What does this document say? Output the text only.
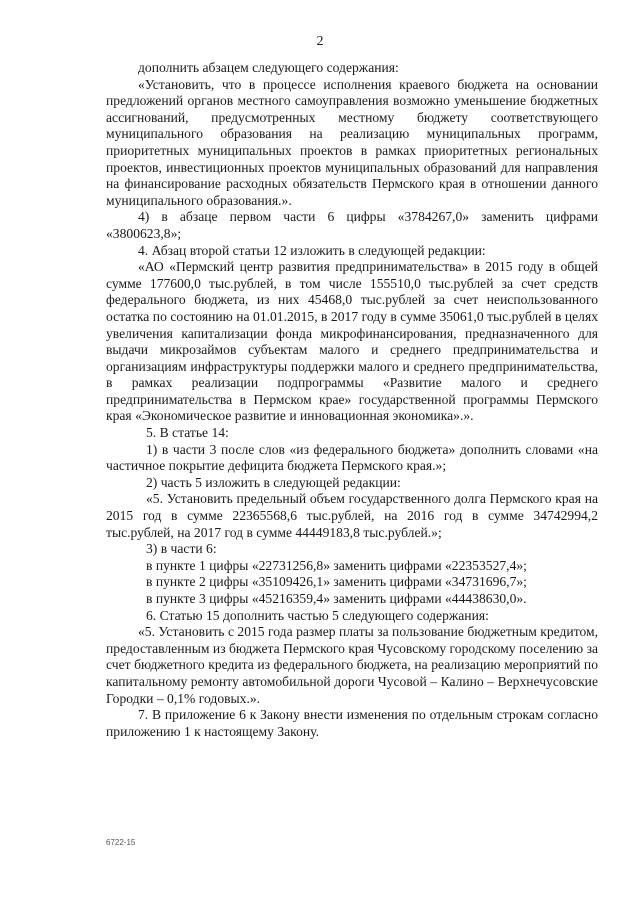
2

дополнить абзацем следующего содержания:

«Установить, что в процессе исполнения краевого бюджета на основании предложений органов местного самоуправления возможно уменьшение бюджетных ассигнований, предусмотренных местному бюджету соответствующего муниципального образования на реализацию муниципальных программ, приоритетных муниципальных проектов в рамках приоритетных региональных проектов, инвестиционных проектов муниципальных образований для направления на финансирование расходных обязательств Пермского края в отношении данного муниципального образования.».

4) в абзаце первом части 6 цифры «3784267,0» заменить цифрами «3800623,8»;

4. Абзац второй статьи 12 изложить в следующей редакции:

«АО «Пермский центр развития предпринимательства» в 2015 году в общей сумме 177600,0 тыс.рублей, в том числе 155510,0 тыс.рублей за счет средств федерального бюджета, из них 45468,0 тыс.рублей за счет неиспользованного остатка по состоянию на 01.01.2015, в 2017 году в сумме 35061,0 тыс.рублей в целях увеличения капитализации фонда микрофинансирования, предназначенного для выдачи микрозаймов субъектам малого и среднего предпринимательства и организациям инфраструктуры поддержки малого и среднего предпринимательства, в рамках реализации подпрограммы «Развитие малого и среднего предпринимательства в Пермском крае» государственной программы Пермского края «Экономическое развитие и инновационная экономика».».

5. В статье 14:

1) в части 3 после слов «из федерального бюджета» дополнить словами «на частичное покрытие дефицита бюджета Пермского края.»;

2) часть 5 изложить в следующей редакции:

«5. Установить предельный объем государственного долга Пермского края на 2015 год в сумме 22365568,6 тыс.рублей, на 2016 год в сумме 34742994,2 тыс.рублей, на 2017 год в сумме 44449183,8 тыс.рублей.»;

3) в части 6:

в пункте 1 цифры «22731256,8» заменить цифрами «22353527,4»;

в пункте 2 цифры «35109426,1» заменить цифрами «34731696,7»;

в пункте 3 цифры «45216359,4» заменить цифрами «44438630,0».

6. Статью 15 дополнить частью 5 следующего содержания:

«5. Установить с 2015 года размер платы за пользование бюджетным кредитом, предоставленным из бюджета Пермского края Чусовскому городскому поселению за счет бюджетного кредита из федерального бюджета, на реализацию мероприятий по капитальному ремонту автомобильной дороги Чусовой – Калино – Верхнечусовские Городки – 0,1% годовых.».

7. В приложение 6 к Закону внести изменения по отдельным строкам согласно приложению 1 к настоящему Закону.

6722-15
